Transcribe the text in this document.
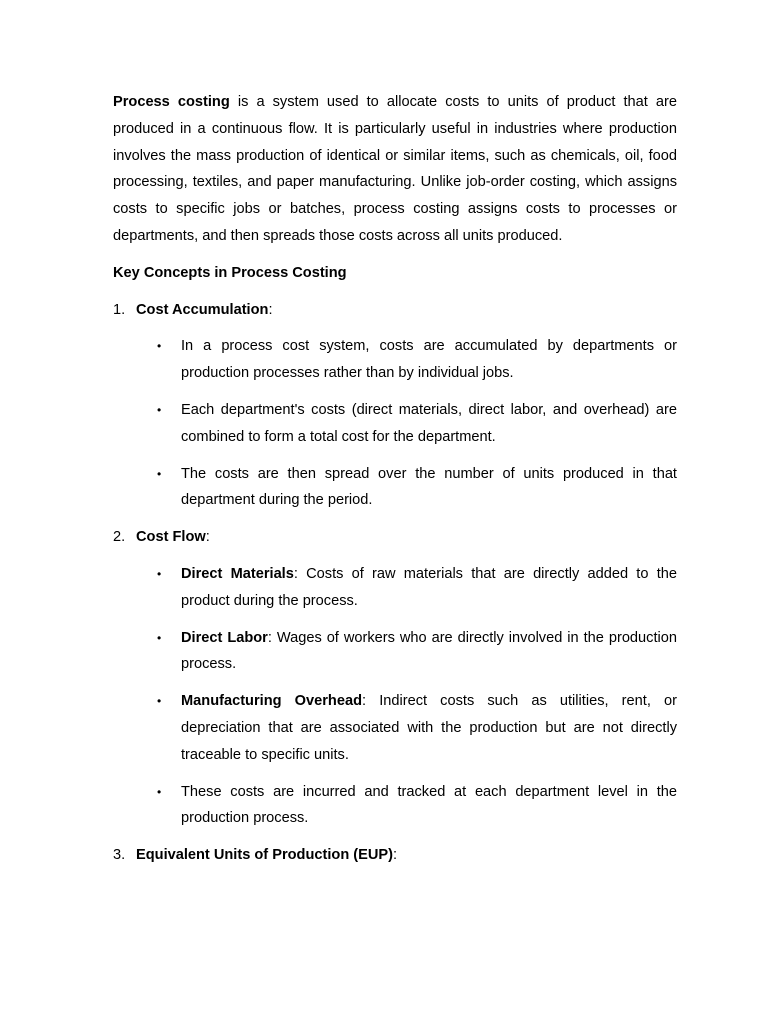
Process costing is a system used to allocate costs to units of product that are produced in a continuous flow. It is particularly useful in industries where production involves the mass production of identical or similar items, such as chemicals, oil, food processing, textiles, and paper manufacturing. Unlike job-order costing, which assigns costs to specific jobs or batches, process costing assigns costs to processes or departments, and then spreads those costs across all units produced.

Key Concepts in Process Costing

1. Cost Accumulation:
• In a process cost system, costs are accumulated by departments or production processes rather than by individual jobs.
• Each department's costs (direct materials, direct labor, and overhead) are combined to form a total cost for the department.
• The costs are then spread over the number of units produced in that department during the period.
2. Cost Flow:
• Direct Materials: Costs of raw materials that are directly added to the product during the process.
• Direct Labor: Wages of workers who are directly involved in the production process.
• Manufacturing Overhead: Indirect costs such as utilities, rent, or depreciation that are associated with the production but are not directly traceable to specific units.
• These costs are incurred and tracked at each department level in the production process.
3. Equivalent Units of Production (EUP):
